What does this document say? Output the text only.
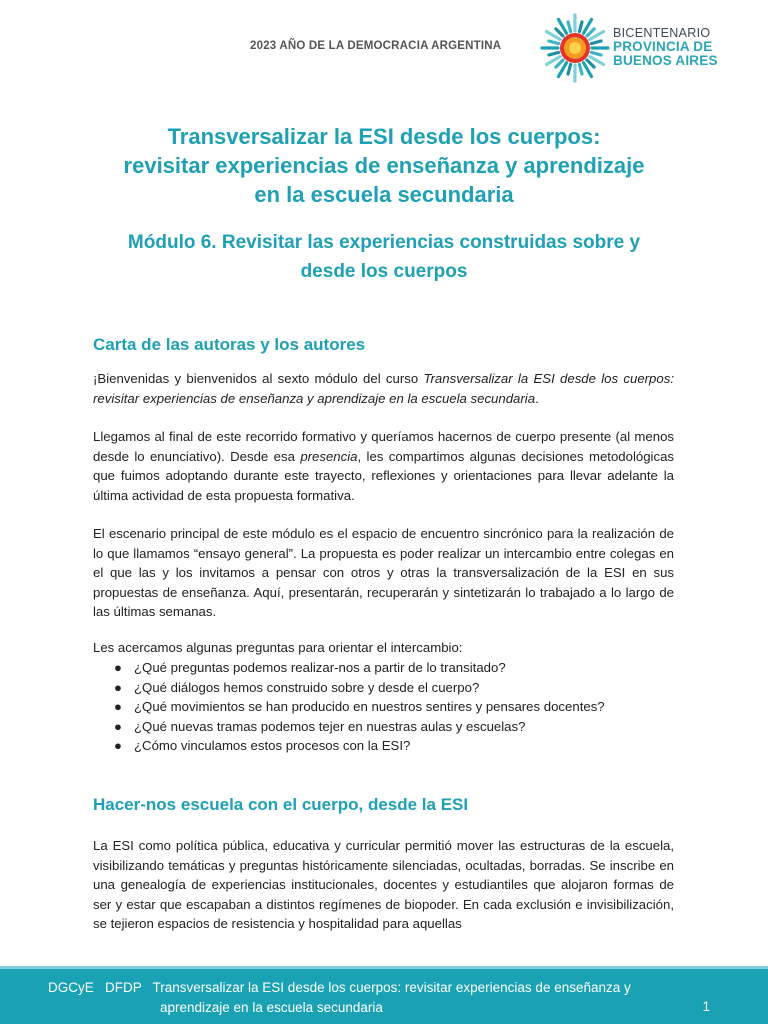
2023 AÑO DE LA DEMOCRACIA ARGENTINA
BICENTENARIO
PROVINCIA DE
BUENOS AIRES
Transversalizar la ESI desde los cuerpos:
revisitar experiencias de enseñanza y aprendizaje
en la escuela secundaria
Módulo 6. Revisitar las experiencias construidas sobre y
desde los cuerpos
Carta de las autoras y los autores

¡Bienvenidas y bienvenidos al sexto módulo del curso Transversalizar la ESI desde los cuerpos: revisitar experiencias de enseñanza y aprendizaje en la escuela secundaria.

Llegamos al final de este recorrido formativo y queríamos hacernos de cuerpo presente (al menos desde lo enunciativo). Desde esa presencia, les compartimos algunas decisiones metodológicas que fuimos adoptando durante este trayecto, reflexiones y orientaciones para llevar adelante la última actividad de esta propuesta formativa.

El escenario principal de este módulo es el espacio de encuentro sincrónico para la realización de lo que llamamos “ensayo general”. La propuesta es poder realizar un intercambio entre colegas en el que las y los invitamos a pensar con otros y otras la transversalización de la ESI en sus propuestas de enseñanza. Aquí, presentarán, recuperarán y sintetizarán lo trabajado a lo largo de las últimas semanas.

Les acercamos algunas preguntas para orientar el intercambio:

● ¿Qué preguntas podemos realizar-nos a partir de lo transitado?
● ¿Qué diálogos hemos construido sobre y desde el cuerpo?
● ¿Qué movimientos se han producido en nuestros sentires y pensares docentes?
● ¿Qué nuevas tramas podemos tejer en nuestras aulas y escuelas?
● ¿Cómo vinculamos estos procesos con la ESI?
Hacer-nos escuela con el cuerpo, desde la ESI

La ESI como política pública, educativa y curricular permitió mover las estructuras de la escuela, visibilizando temáticas y preguntas históricamente silenciadas, ocultadas, borradas. Se inscribe en una genealogía de experiencias institucionales, docentes y estudiantiles que alojaron formas de ser y estar que escapaban a distintos regímenes de biopoder. En cada exclusión e invisibilización, se tejieron espacios de resistencia y hospitalidad para aquellas

DGCyE   DFDP   Transversalizar la ESI desde los cuerpos: revisitar experiencias de enseñanza y
aprendizaje en la escuela secundaria	1
